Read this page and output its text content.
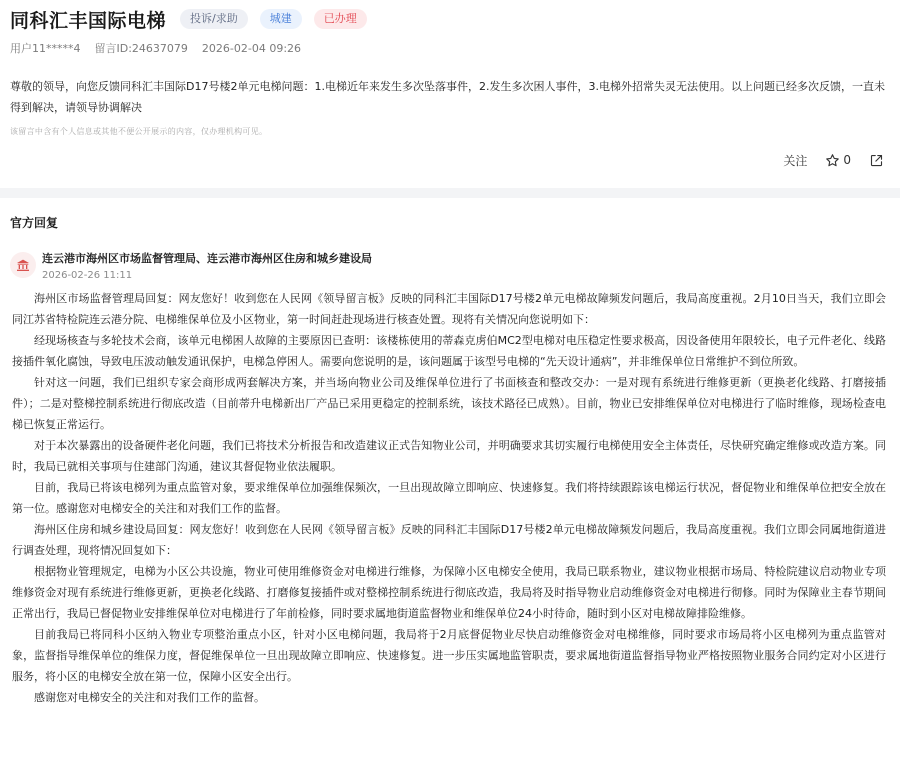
同科汇丰国际电梯	投诉/求助	城建	已办理
用户11*****4 留言ID:24637079 2026-02-04 09:26
尊敬的领导，向您反馈同科汇丰国际D17号楼2单元电梯问题：1.电梯近年来发生多次坠落事件，2.发生多次困人事件，3.电梯外招常失灵无法使用。以上问题已经多次反馈，一直未得到解决，请领导协调解决
该留言中含有个人信息或其他不便公开展示的内容，仅办理机构可见。
关注	0
官方回复
连云港市海州区市场监督管理局、连云港市海州区住房和城乡建设局
2026-02-26 11:11

海州区市场监督管理局回复：网友您好！收到您在人民网《领导留言板》反映的同科汇丰国际D17号楼2单元电梯故障频发问题后，我局高度重视。2月10日当天，我们立即会同江苏省特检院连云港分院、电梯维保单位及小区物业，第一时间赶赴现场进行核查处置。现将有关情况向您说明如下：

经现场核查与多轮技术会商，该单元电梯困人故障的主要原因已查明：该楼栋使用的蒂森克虏伯MC2型电梯对电压稳定性要求极高，因设备使用年限较长，电子元件老化、线路接插件氧化腐蚀，导致电压波动触发通讯保护，电梯急停困人。需要向您说明的是，该问题属于该型号电梯的“先天设计通病”，并非维保单位日常维护不到位所致。

针对这一问题，我们已组织专家会商形成两套解决方案，并当场向物业公司及维保单位进行了书面核查和整改交办：一是对现有系统进行维修更新（更换老化线路、打磨接插件）；二是对整梯控制系统进行彻底改造（目前蒂升电梯新出厂产品已采用更稳定的控制系统，该技术路径已成熟）。目前，物业已安排维保单位对电梯进行了临时维修，现场检查电梯已恢复正常运行。

对于本次暴露出的设备硬件老化问题，我们已将技术分析报告和改造建议正式告知物业公司，并明确要求其切实履行电梯使用安全主体责任，尽快研究确定维修或改造方案。同时，我局已就相关事项与住建部门沟通，建议其督促物业依法履职。

目前，我局已将该电梯列为重点监管对象，要求维保单位加强维保频次，一旦出现故障立即响应、快速修复。我们将持续跟踪该电梯运行状况，督促物业和维保单位把安全放在第一位。感谢您对电梯安全的关注和对我们工作的监督。

海州区住房和城乡建设局回复：网友您好！收到您在人民网《领导留言板》反映的同科汇丰国际D17号楼2单元电梯故障频发问题后，我局高度重视。我们立即会同属地街道进行调查处理，现将情况回复如下：

根据物业管理规定，电梯为小区公共设施，物业可使用维修资金对电梯进行维修，为保障小区电梯安全使用，我局已联系物业，建议物业根据市场局、特检院建议启动物业专项维修资金对现有系统进行维修更新，更换老化线路、打磨修复接插件或对整梯控制系统进行彻底改造，我局将及时指导物业启动维修资金对电梯进行彻修。同时为保障业主春节期间正常出行，我局已督促物业安排维保单位对电梯进行了年前检修，同时要求属地街道监督物业和维保单位24小时待命，随时到小区对电梯故障排险维修。

目前我局已将同科小区纳入物业专项整治重点小区，针对小区电梯问题，我局将于2月底督促物业尽快启动维修资金对电梯维修，同时要求市场局将小区电梯列为重点监管对象，监督指导维保单位的维保力度，督促维保单位一旦出现故障立即响应、快速修复。进一步压实属地监管职责，要求属地街道监督指导物业严格按照物业服务合同约定对小区进行服务，将小区的电梯安全放在第一位，保障小区安全出行。

感谢您对电梯安全的关注和对我们工作的监督。
